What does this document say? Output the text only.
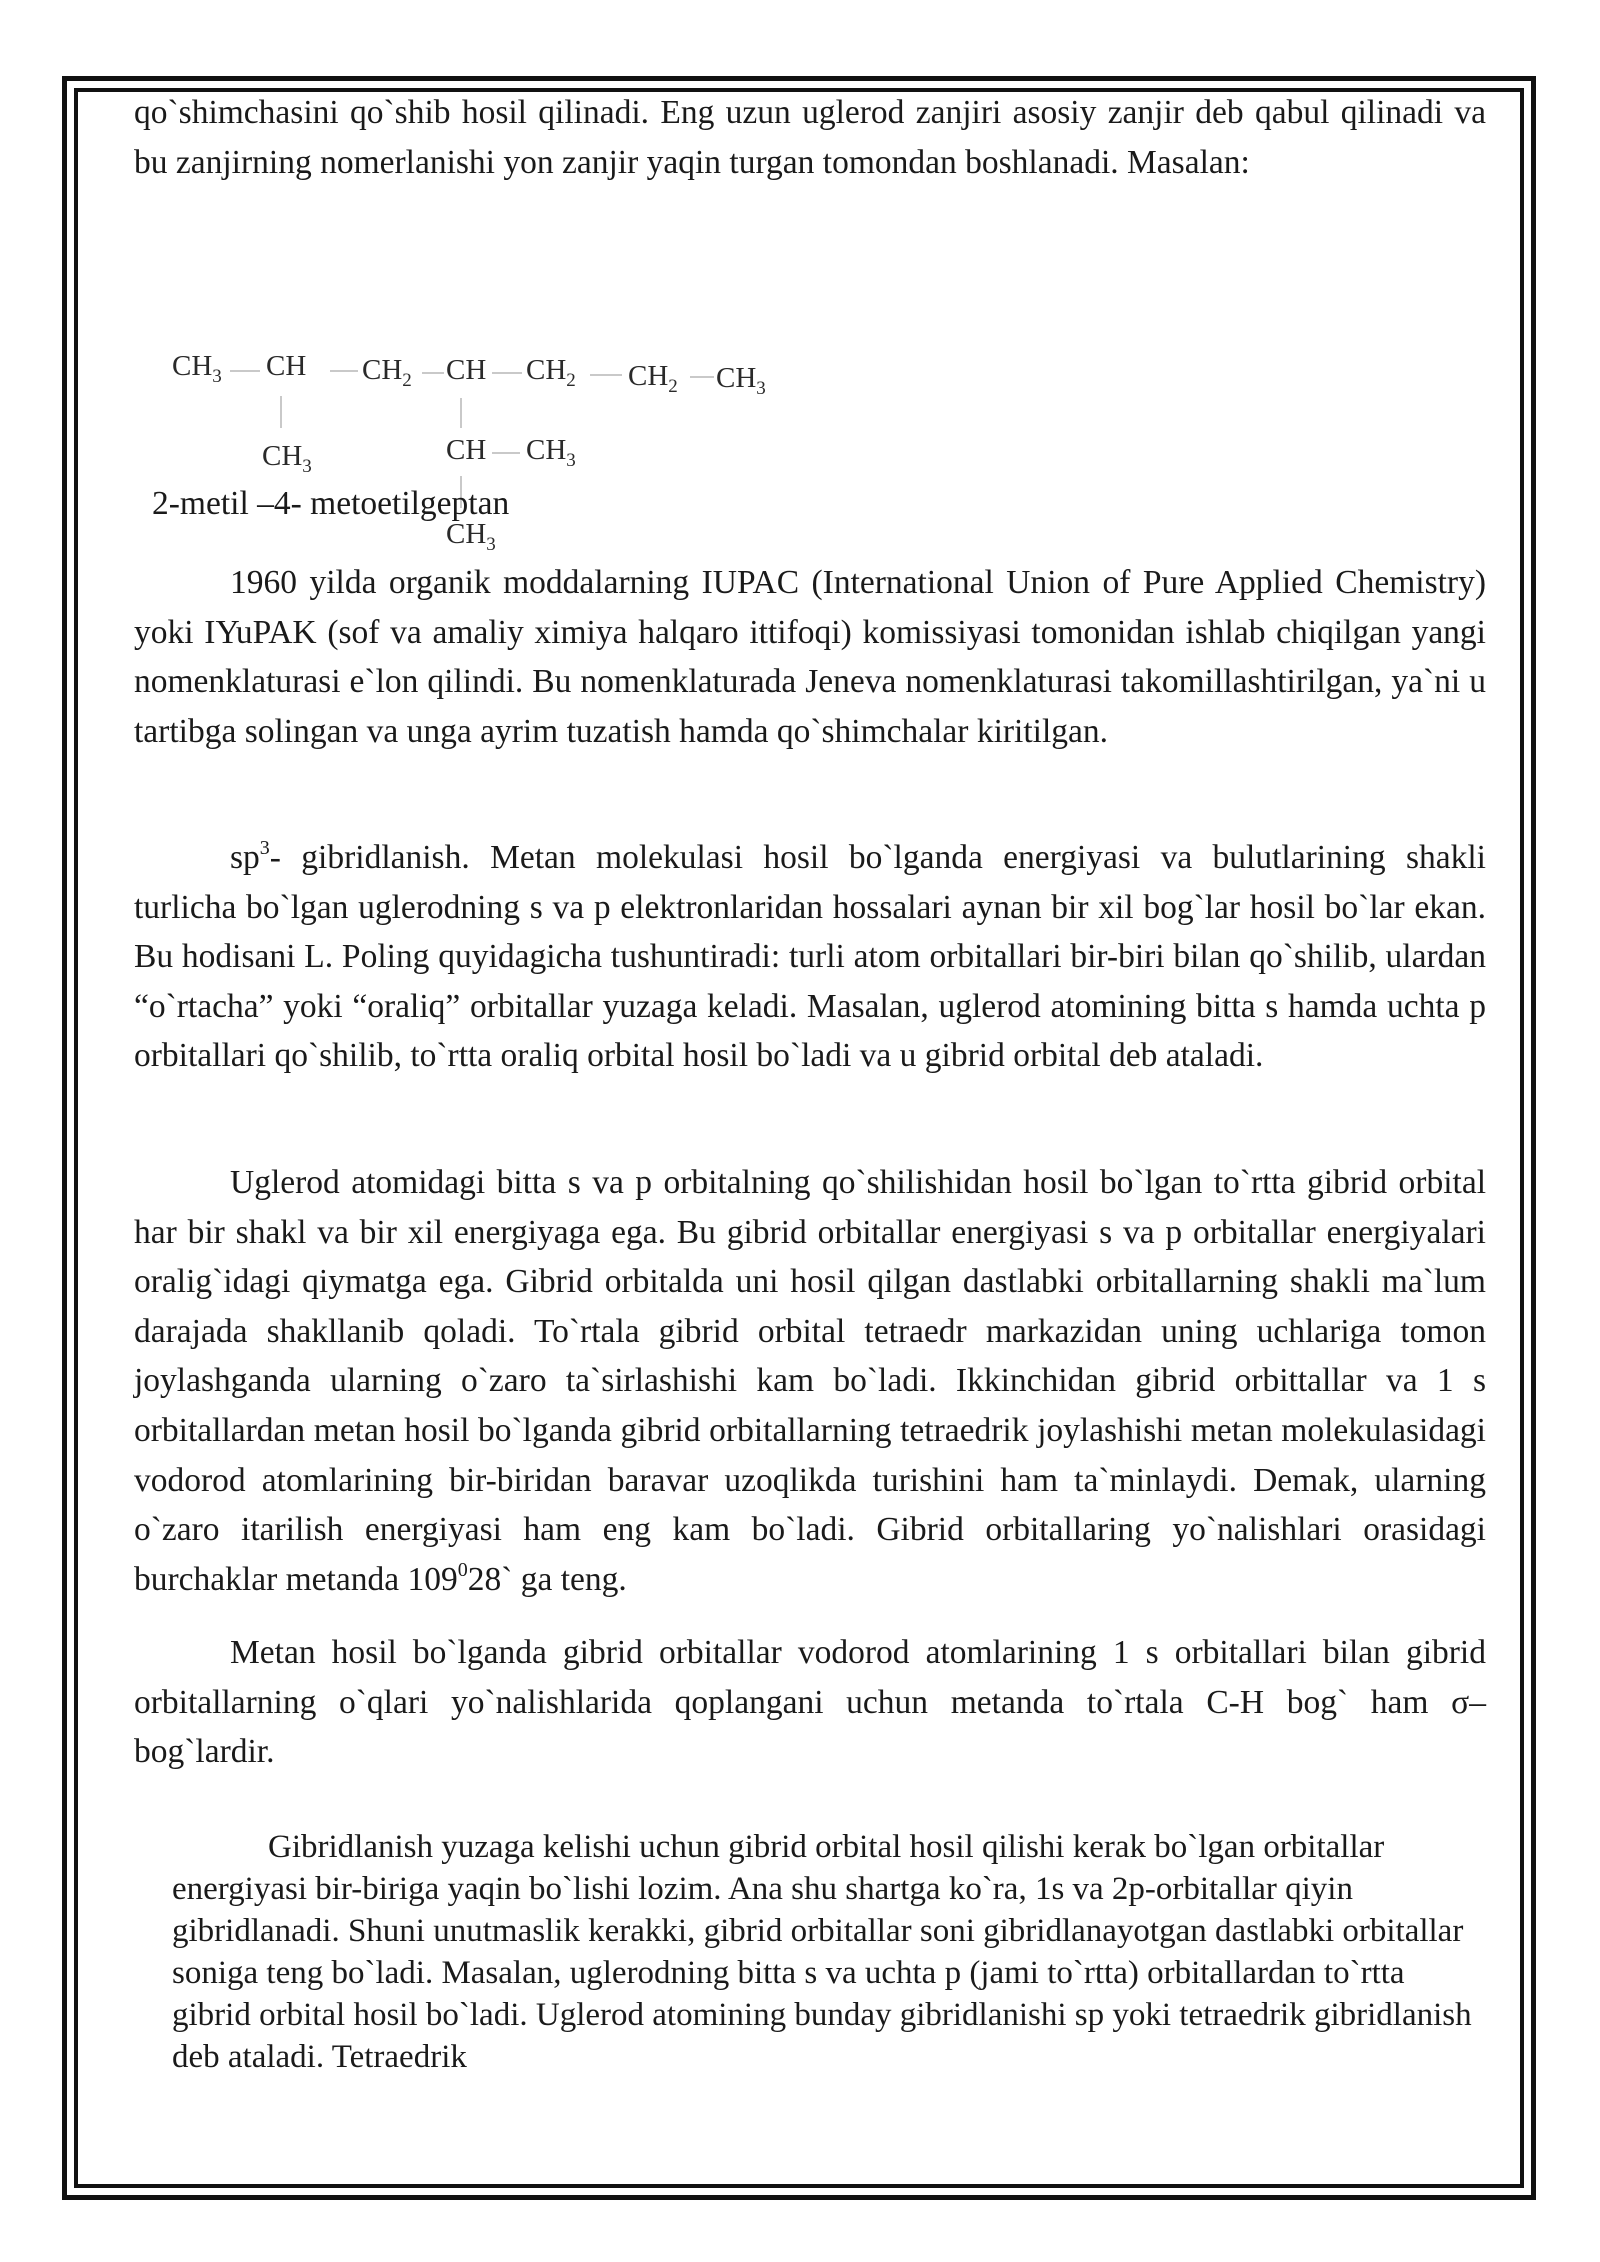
qo`shimchasini qo`shib hosil qilinadi. Eng uzun uglerod zanjiri asosiy zanjir deb qabul qilinadi va bu zanjirning nomerlanishi yon zanjir yaqin turgan tomondan boshlanadi. Masalan:

$CH_3$ CH $CH_2$ CH $CH_2$ $CH_2$ $CH_3$
$CH_3$
CH $CH_3$
$CH_3$
2-metil –4- metoetilgeptan

1960 yilda organik moddalarning IUPAC (International Union of Pure Applied Chemistry) yoki IYuPAK (sof va amaliy ximiya halqaro ittifoqi) komissiyasi tomonidan ishlab chiqilgan yangi nomenklaturasi e`lon qilindi. Bu nomenklaturada Jeneva nomenklaturasi takomillashtirilgan, ya`ni u tartibga solingan va unga ayrim tuzatish hamda qo`shimchalar kiritilgan.

$sp^3-$ gibridlanish. Metan molekulasi hosil bo`lganda energiyasi va bulutlarining shakli turlicha bo`lgan uglerodning s va p elektronlaridan hossalari aynan bir xil bog`lar hosil bo`lar ekan. Bu hodisani L. Poling quyidagicha tushuntiradi: turli atom orbitallari bir-biri bilan qo`shilib, ulardan “o`rtacha” yoki “oraliq” orbitallar yuzaga keladi. Masalan, uglerod atomining bitta s hamda uchta p orbitallari qo`shilib, to`rtta oraliq orbital hosil bo`ladi va u gibrid orbital deb ataladi.

Uglerod atomidagi bitta s va p orbitalning qo`shilishidan hosil bo`lgan to`rtta gibrid orbital har bir shakl va bir xil energiyaga ega. Bu gibrid orbitallar energiyasi s va p orbitallar energiyalari oralig`idagi qiymatga ega. Gibrid orbitalda uni hosil qilgan dastlabki orbitallarning shakli ma`lum darajada shakllanib qoladi. To`rtala gibrid orbital tetraedr markazidan uning uchlariga tomon joylashganda ularning o`zaro ta`sirlashishi kam bo`ladi. Ikkinchidan gibrid orbittallar va 1 s orbitallardan metan hosil bo`lganda gibrid orbitallarning tetraedrik joylashishi metan molekulasidagi vodorod atomlarining bir-biridan baravar uzoqlikda turishini ham ta`minlaydi. Demak, ularning o`zaro itarilish energiyasi ham eng kam bo`ladi. Gibrid orbitallaring yo`nalishlari orasidagi burchaklar metanda $109^028`$ ga teng.

Metan hosil bo`lganda gibrid orbitallar vodorod atomlarining 1 s orbitallari bilan gibrid orbitallarning o`qlari yo`nalishlarida qoplangani uchun metanda to`rtala C-H bog` ham σ– bog`lardir.

Gibridlanish yuzaga kelishi uchun gibrid orbital hosil qilishi kerak bo`lgan orbitallar energiyasi bir-biriga yaqin bo`lishi lozim. Ana shu shartga ko`ra, 1s va 2p-orbitallar qiyin gibridlanadi. Shuni unutmaslik kerakki, gibrid orbitallar soni gibridlanayotgan dastlabki orbitallar soniga teng bo`ladi. Masalan, uglerodning bitta s va uchta p (jami to`rtta) orbitallardan to`rtta gibrid orbital hosil bo`ladi. Uglerod atomining bunday gibridlanishi sp yoki tetraedrik gibridlanish deb ataladi. Tetraedrik
